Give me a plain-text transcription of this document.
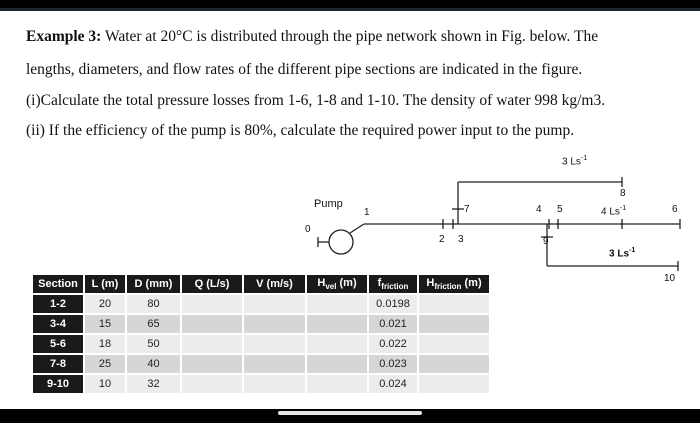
Example 3: Water at 20°C is distributed through the pipe network shown in Fig. below. The
lengths, diameters, and flow rates of the different pipe sections are indicated in the figure.
(i)Calculate the total pressure losses from 1-6, 1-8 and 1-10. The density of water 998 kg/m3.
(ii) If the efficiency of the pump is 80%, calculate the required power input to the pump.
Pump
0
1
2 3
7	4 5
9
8
6
10
3 $Ls^{-1}$
4 $Ls^{-1}$
3 $Ls^{-1}$
Section	L (m)	D (mm)	Q (L/s)	V (m/s)	$H_{vel}$ (m)	$f_{friction}$	$H_{friction}$ (m)
1-2	20	80				0.0198	
3-4	15	65				0.021	
5-6	18	50				0.022	
7-8	25	40				0.023	
9-10	10	32				0.024	
